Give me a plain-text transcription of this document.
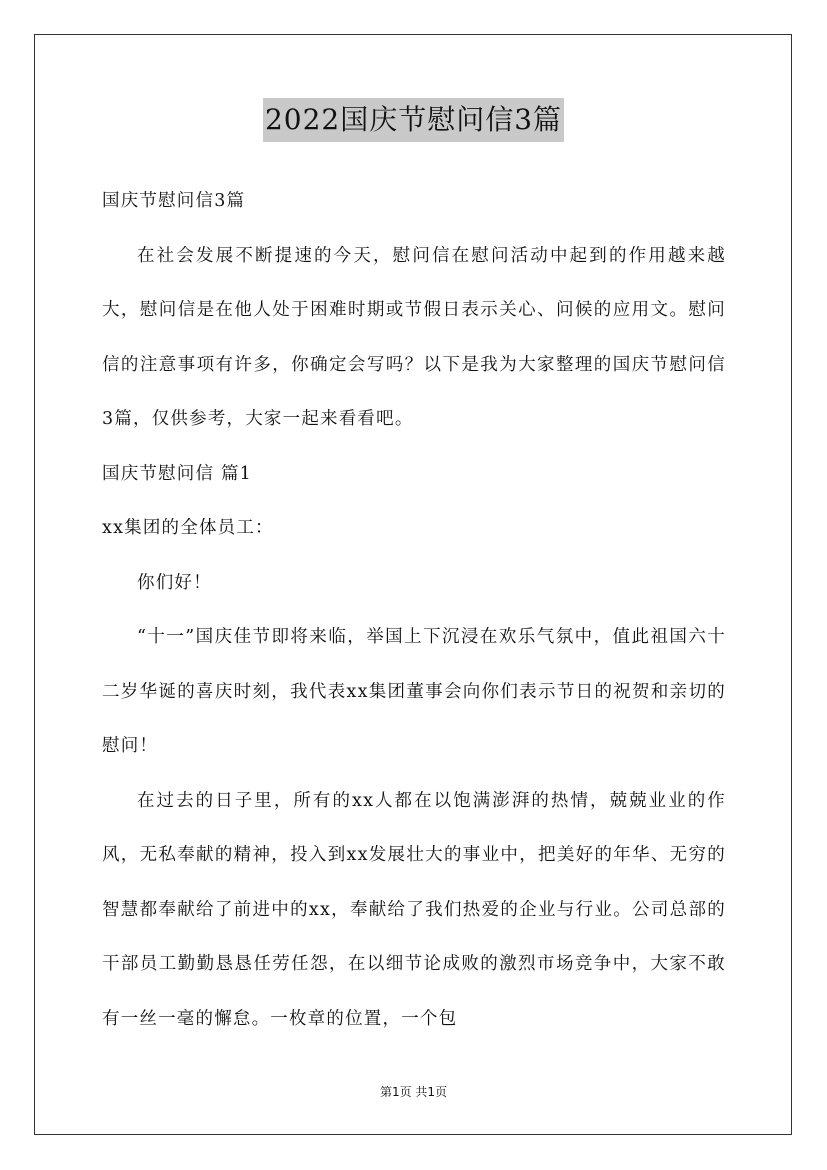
2022国庆节慰问信3篇

国庆节慰问信3篇

在社会发展不断提速的今天，慰问信在慰问活动中起到的作用越来越大，慰问信是在他人处于困难时期或节假日表示关心、问候的应用文。慰问信的注意事项有许多，你确定会写吗？以下是我为大家整理的国庆节慰问信3篇，仅供参考，大家一起来看看吧。

国庆节慰问信 篇1

xx集团的全体员工：

你们好！

“十一”国庆佳节即将来临，举国上下沉浸在欢乐气氛中，值此祖国六十二岁华诞的喜庆时刻，我代表xx集团董事会向你们表示节日的祝贺和亲切的慰问！

在过去的日子里，所有的xx人都在以饱满澎湃的热情，兢兢业业的作风，无私奉献的精神，投入到xx发展壮大的事业中，把美好的年华、无穷的智慧都奉献给了前进中的xx，奉献给了我们热爱的企业与行业。公司总部的干部员工勤勤恳恳任劳任怨，在以细节论成败的激烈市场竞争中，大家不敢有一丝一毫的懈怠。一枚章的位置，一个包

第1页 共1页
